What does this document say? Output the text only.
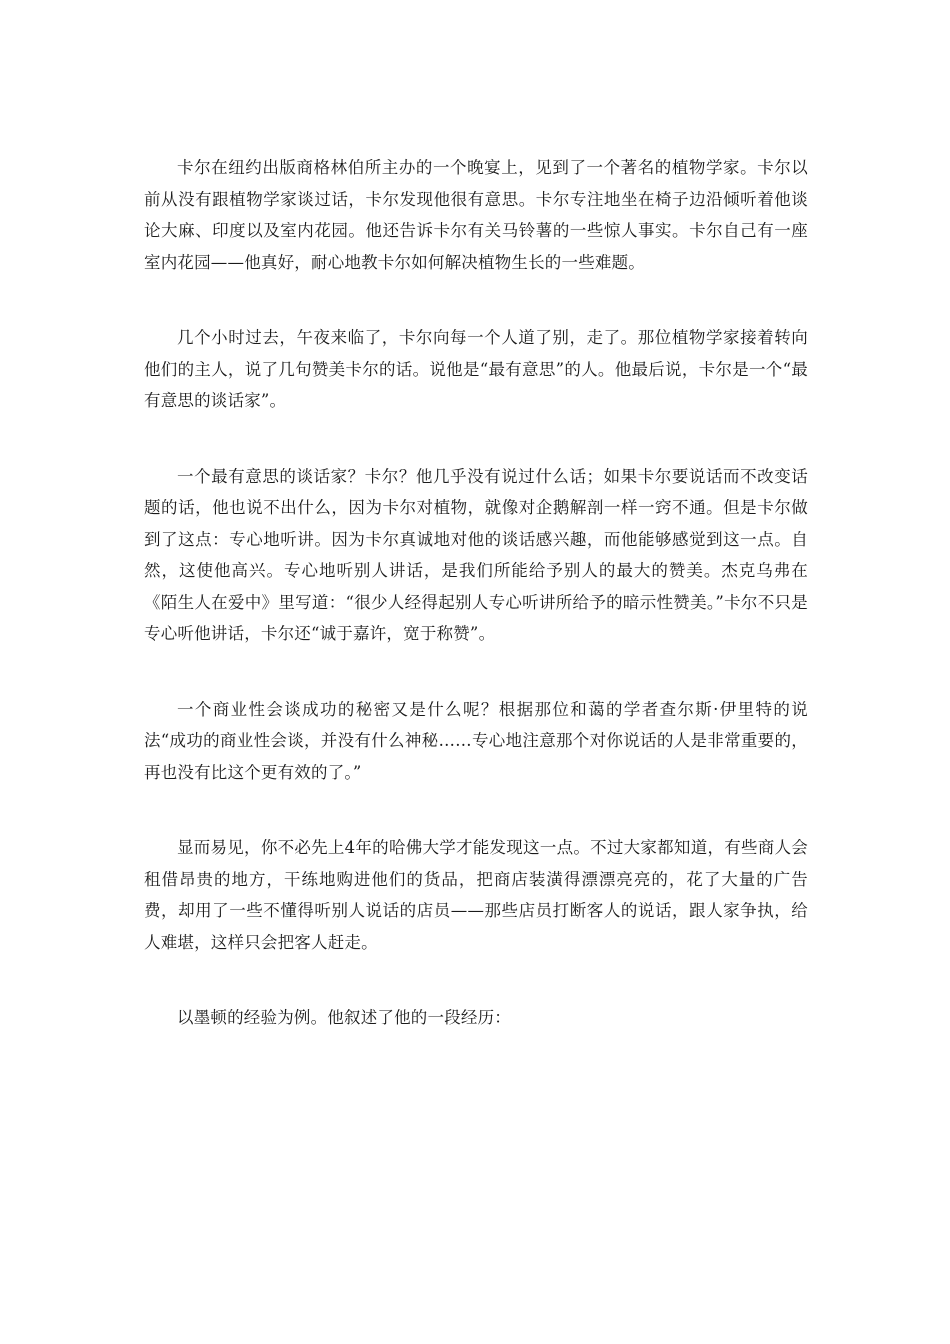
卡尔在纽约出版商格林伯所主办的一个晚宴上，见到了一个著名的植物学家。卡尔以前从没有跟植物学家谈过话，卡尔发现他很有意思。卡尔专注地坐在椅子边沿倾听着他谈论大麻、印度以及室内花园。他还告诉卡尔有关马铃薯的一些惊人事实。卡尔自己有一座室内花园——他真好，耐心地教卡尔如何解决植物生长的一些难题。

几个小时过去，午夜来临了，卡尔向每一个人道了别，走了。那位植物学家接着转向他们的主人，说了几句赞美卡尔的话。说他是“最有意思”的人。他最后说，卡尔是一个“最有意思的谈话家”。

一个最有意思的谈话家？卡尔？他几乎没有说过什么话；如果卡尔要说话而不改变话题的话，他也说不出什么，因为卡尔对植物，就像对企鹅解剖一样一窍不通。但是卡尔做到了这点：专心地听讲。因为卡尔真诚地对他的谈话感兴趣，而他能够感觉到这一点。自然，这使他高兴。专心地听别人讲话，是我们所能给予别人的最大的赞美。杰克乌弗在《陌生人在爱中》里写道：“很少人经得起别人专心听讲所给予的暗示性赞美。”卡尔不只是专心听他讲话，卡尔还“诚于嘉许，宽于称赞”。

一个商业性会谈成功的秘密又是什么呢？根据那位和蔼的学者查尔斯·伊里特的说法“成功的商业性会谈，并没有什么神秘……专心地注意那个对你说话的人是非常重要的，再也没有比这个更有效的了。”

显而易见，你不必先上4年的哈佛大学才能发现这一点。不过大家都知道，有些商人会租借昂贵的地方，干练地购进他们的货品，把商店装潢得漂漂亮亮的，花了大量的广告费，却用了一些不懂得听别人说话的店员——那些店员打断客人的说话，跟人家争执，给人难堪，这样只会把客人赶走。

以墨顿的经验为例。他叙述了他的一段经历：
